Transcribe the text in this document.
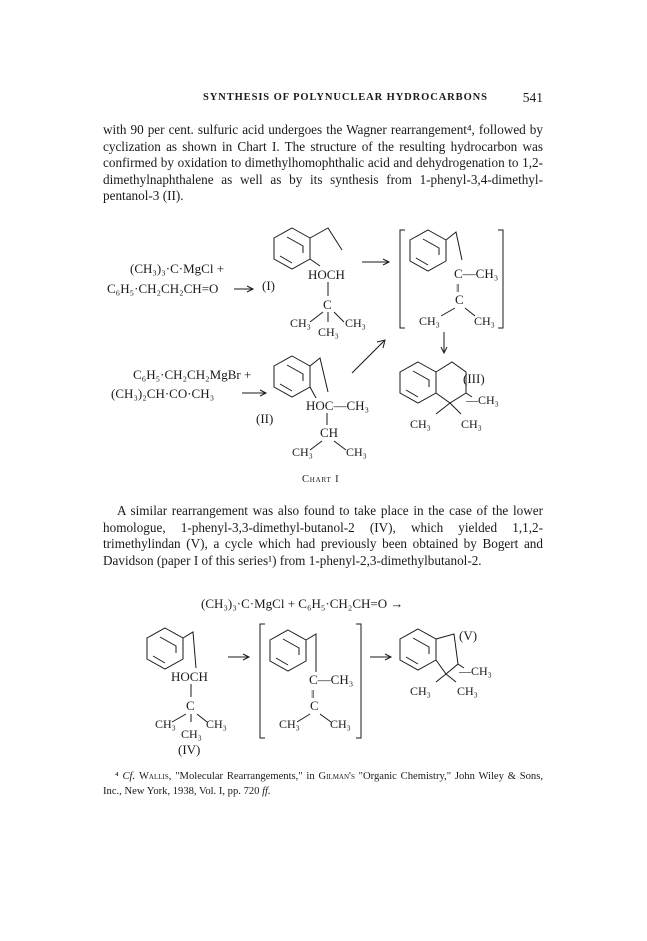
SYNTHESIS OF POLYNUCLEAR HYDROCARBONS	541

with 90 per cent. sulfuric acid undergoes the Wagner rearrangement⁴, followed by cyclization as shown in Chart I. The structure of the resulting hydrocarbon was confirmed by oxidation to dimethylhomophthalic acid and dehydrogenation to 1,2-dimethylnaphthalene as well as by its synthesis from 1-phenyl-3,4-dimethyl-pentanol-3 (II).

(CH₃)₃·C·MgCl +
C₆H₅·CH₂CH₂CH=O
HOCH
(I)
C
CH₃	CH₃
CH₃
C—CH₃
‖
C
CH₃	CH₃
C₆H₅·CH₂CH₂MgBr +
(CH₃)₂CH·CO·CH₃
HOC—CH₃
(II)
CH
CH₃	CH₃
(III)
—CH₃
CH₃	CH₃
Chart I
(CH₃)₃·C·MgCl + C₆H₅·CH₂CH=O →
HOCH
C
CH₃	CH₃
CH₃
(IV)
C—CH₃
‖
C
CH₃	CH₃
(V)
—CH₃
CH₃ CH₃

A similar rearrangement was also found to take place in the case of the lower homologue, 1-phenyl-3,3-dimethyl-butanol-2 (IV), which yielded 1,1,2-trimethylindan (V), a cycle which had previously been obtained by Bogert and Davidson (paper I of this series¹) from 1-phenyl-2,3-dimethylbutanol-2.

⁴ Cf. Wallis, "Molecular Rearrangements," in Gilman's "Organic Chemistry," John Wiley & Sons, Inc., New York, 1938, Vol. I, pp. 720 ff.
